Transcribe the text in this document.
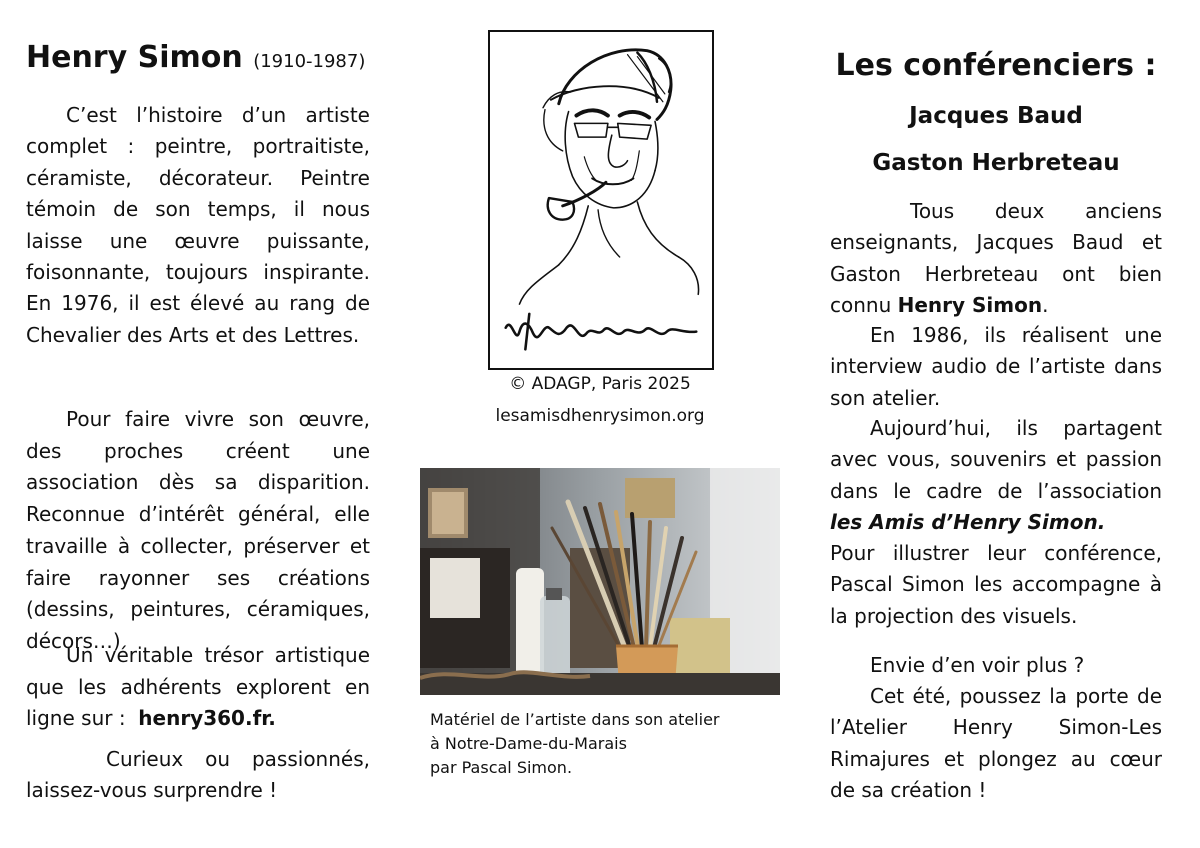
Henry Simon (1910-1987)
C’est l’histoire d’un artiste complet : peintre, portraitiste, céramiste, décorateur. Peintre témoin de son temps, il nous laisse une œuvre puissante, foisonnante, toujours inspirante. En 1976, il est élevé au rang de Chevalier des Arts et des Lettres.
Pour faire vivre son œuvre, des proches créent une association dès sa disparition. Reconnue d’intérêt général, elle travaille à collecter, préserver et faire rayonner ses créations (dessins, peintures, céramiques, décors…)
Un véritable trésor artistique que les adhérents explorent en ligne sur : henry360.fr.
Curieux ou passionnés, laissez-vous surprendre !
© ADAGP, Paris 2025
lesamisdhenrysimon.org
Matériel de l’artiste dans son atelier
à Notre-Dame-du-Marais
par Pascal Simon.
Les conférenciers :
Jacques Baud
Gaston Herbreteau
Tous deux anciens enseignants, Jacques Baud et Gaston Herbreteau ont bien connu Henry Simon.
En 1986, ils réalisent une interview audio de l’artiste dans son atelier.
Aujourd’hui, ils partagent avec vous, souvenirs et passion dans le cadre de l’association les Amis d’Henry Simon.
Pour illustrer leur conférence, Pascal Simon les accompagne à la projection des visuels.
Envie d’en voir plus ?
Cet été, poussez la porte de l’Atelier Henry Simon-Les Rimajures et plongez au cœur de sa création !
